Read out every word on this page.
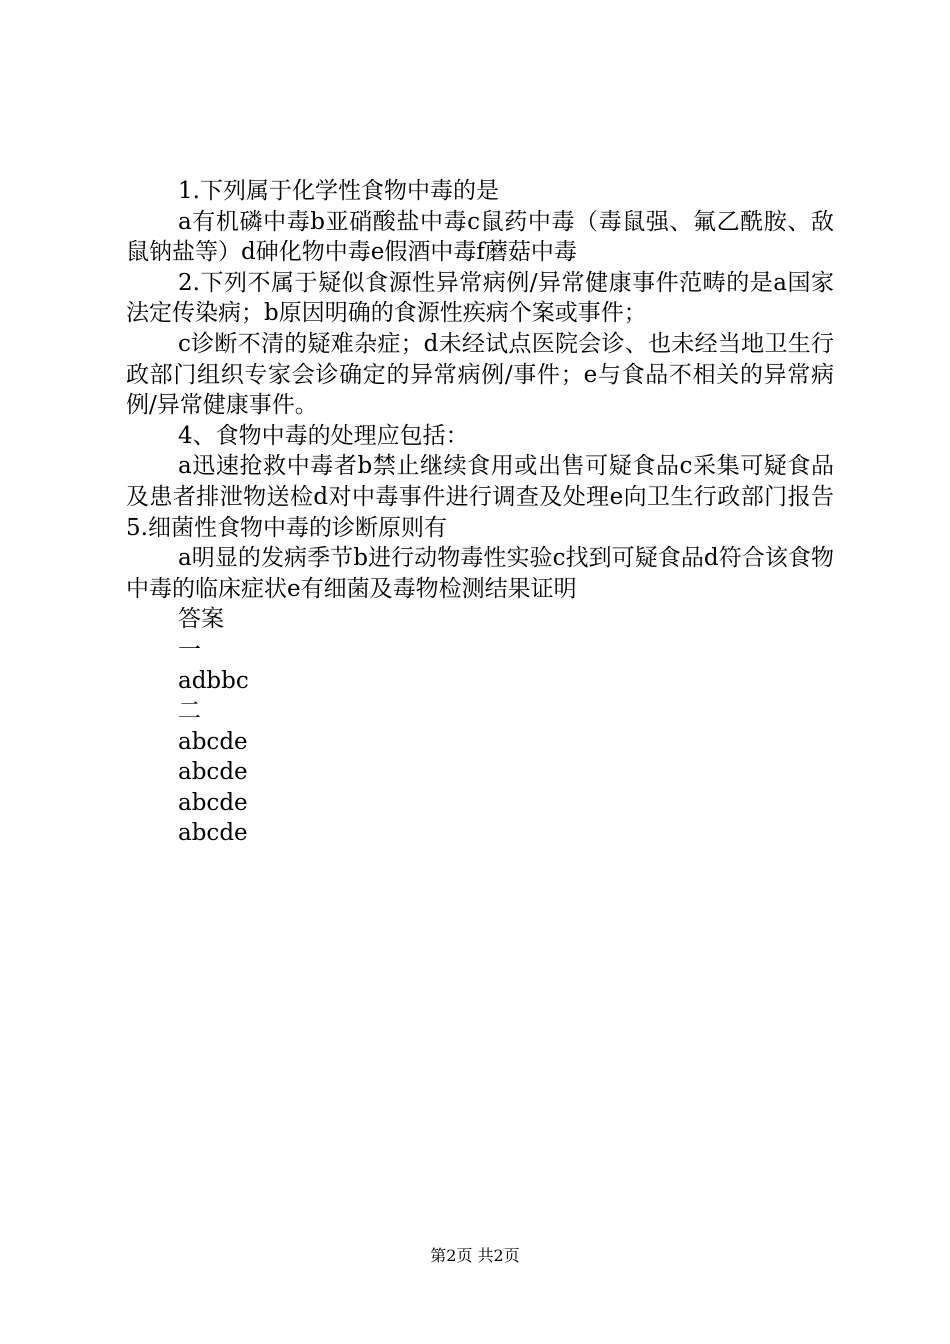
1.下列属于化学性食物中毒的是

a有机磷中毒b亚硝酸盐中毒c鼠药中毒（毒鼠强、氟乙酰胺、敌鼠钠盐等）d砷化物中毒e假酒中毒f蘑菇中毒

2.下列不属于疑似食源性异常病例/异常健康事件范畴的是a国家法定传染病；b原因明确的食源性疾病个案或事件；

c诊断不清的疑难杂症；d未经试点医院会诊、也未经当地卫生行政部门组织专家会诊确定的异常病例/事件；e与食品不相关的异常病例/异常健康事件。

4、食物中毒的处理应包括：

a迅速抢救中毒者b禁止继续食用或出售可疑食品c采集可疑食品及患者排泄物送检d对中毒事件进行调查及处理e向卫生行政部门报告5.细菌性食物中毒的诊断原则有

a明显的发病季节b进行动物毒性实验c找到可疑食品d符合该食物中毒的临床症状e有细菌及毒物检测结果证明

答案

一

adbbc

二

abcde

abcde

abcde

abcde

第2页 共2页
